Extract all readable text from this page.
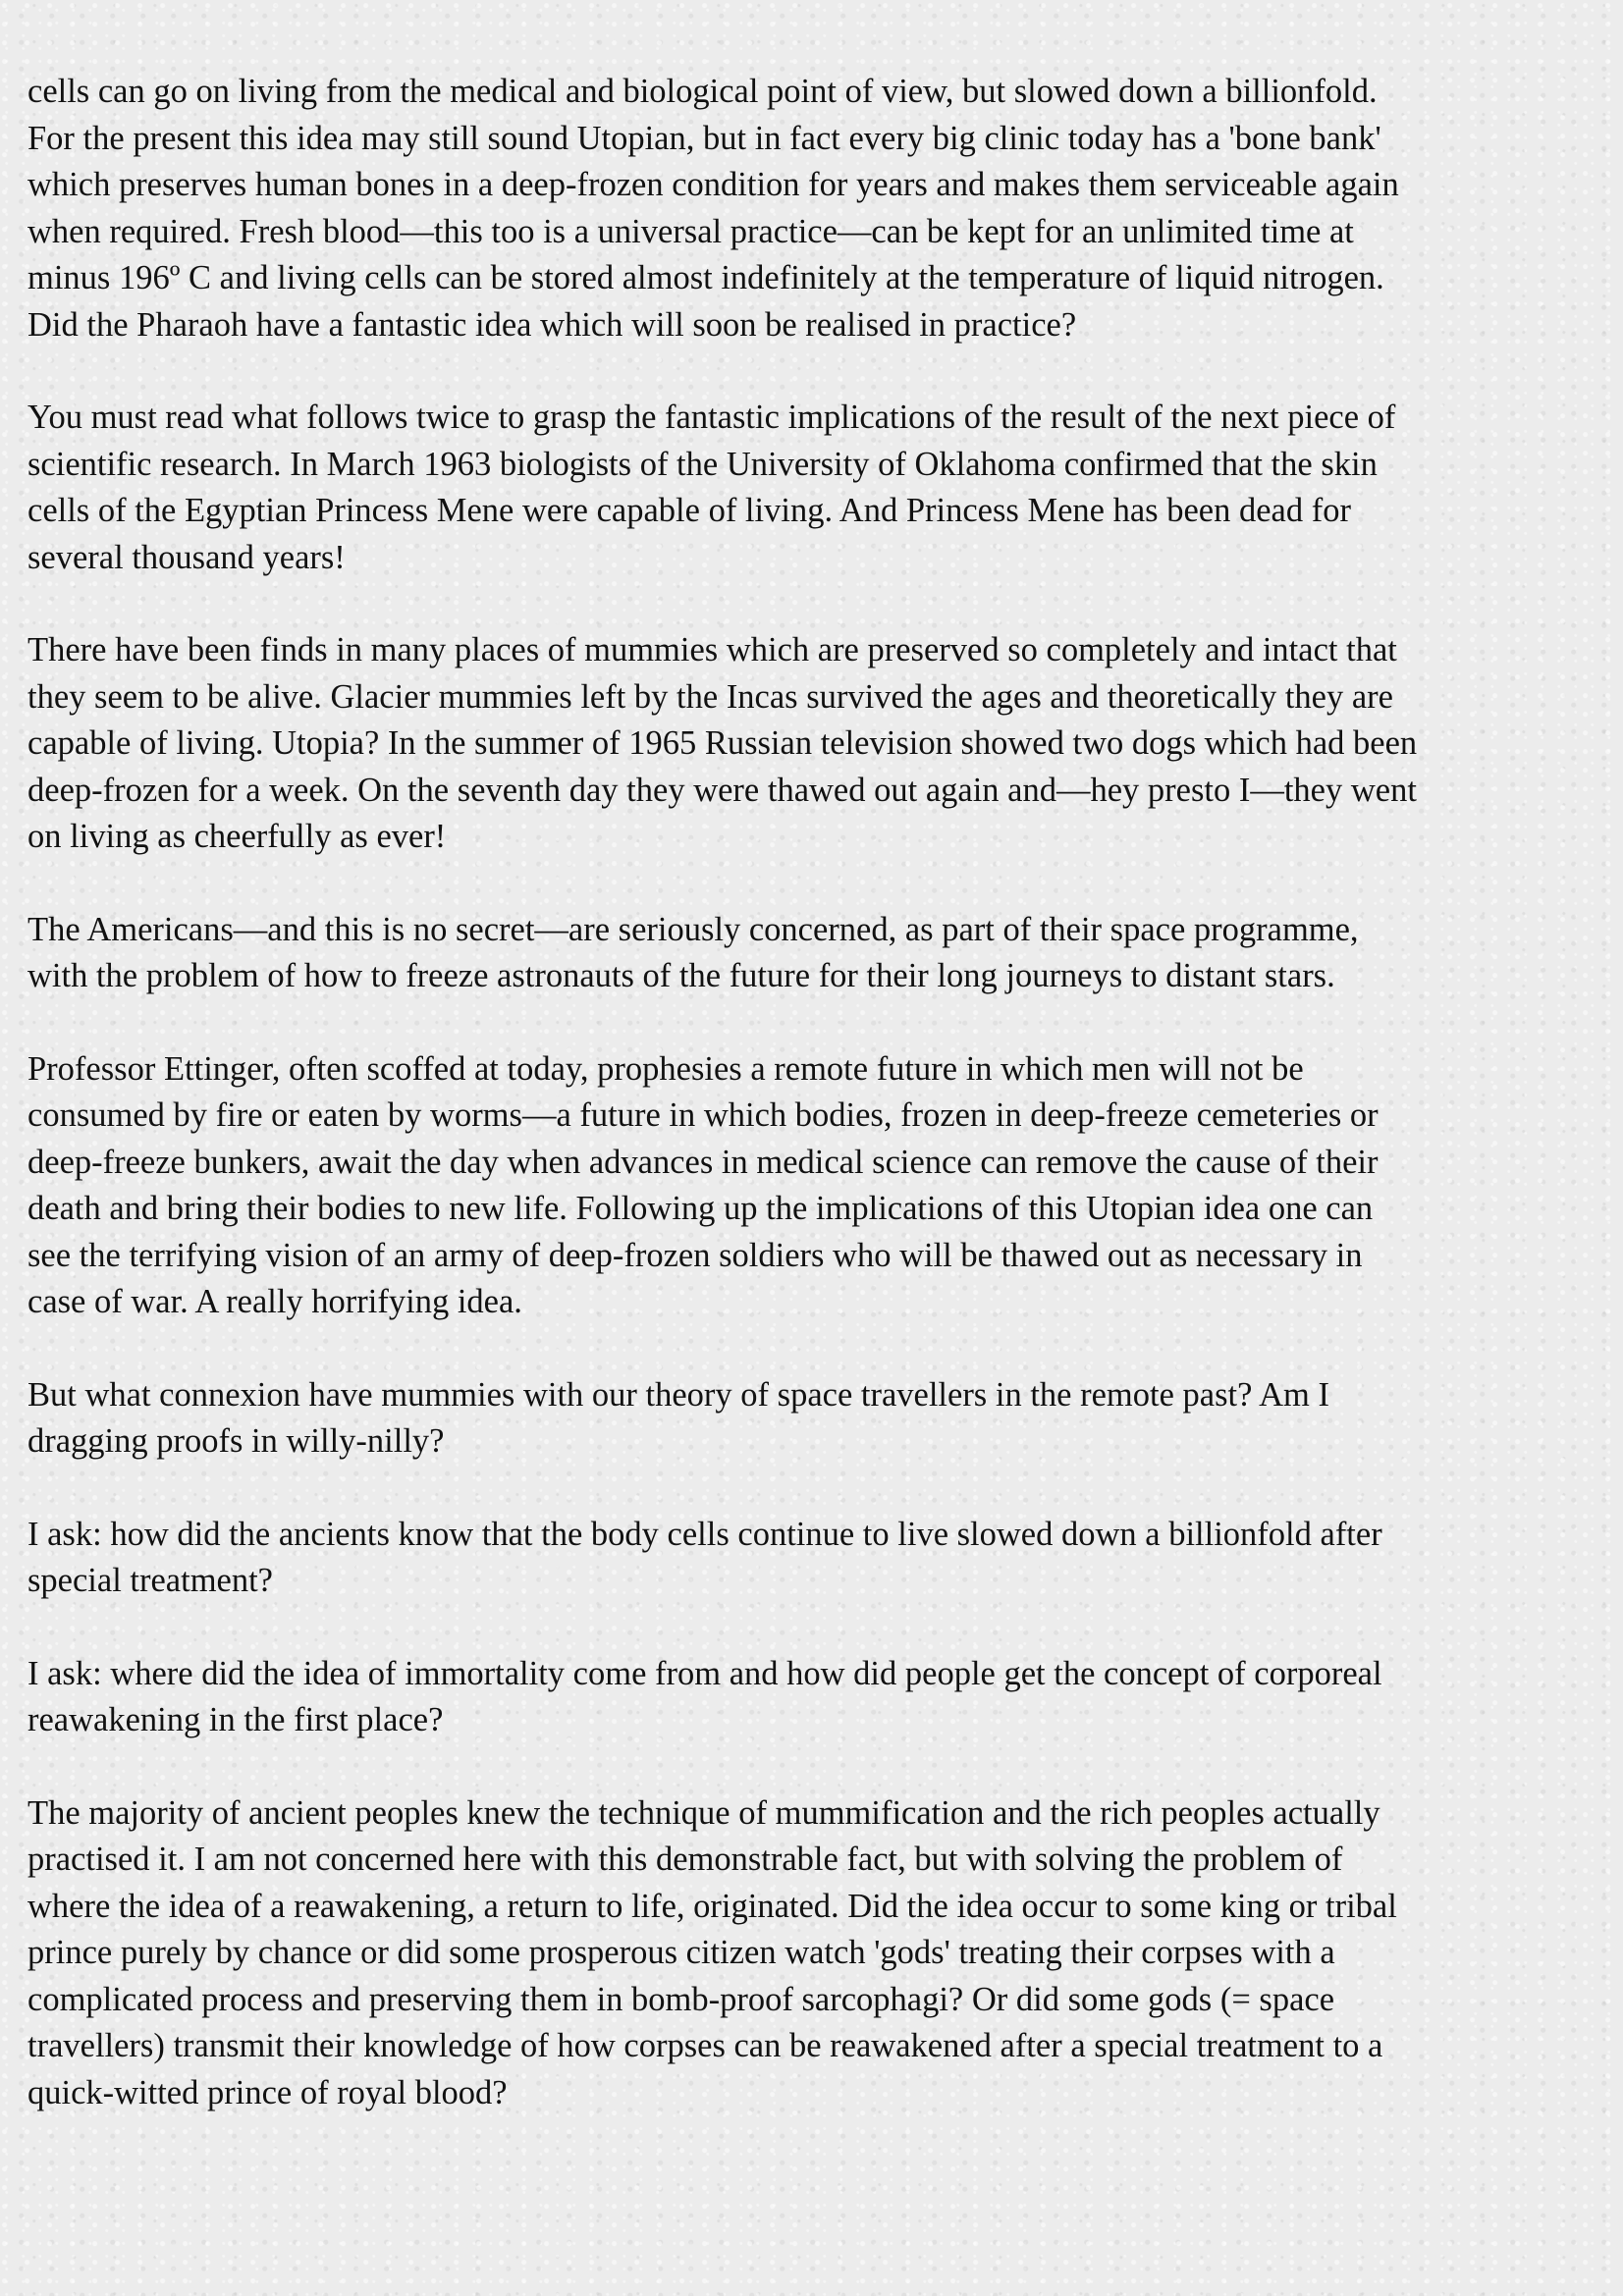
cells can go on living from the medical and biological point of view, but slowed down a billionfold.
For the present this idea may still sound Utopian, but in fact every big clinic today has a 'bone bank'
which preserves human bones in a deep-frozen condition for years and makes them serviceable again
when required. Fresh blood—this too is a universal practice—can be kept for an unlimited time at
minus 196º C and living cells can be stored almost indefinitely at the temperature of liquid nitrogen.
Did the Pharaoh have a fantastic idea which will soon be realised in practice?

You must read what follows twice to grasp the fantastic implications of the result of the next piece of
scientific research. In March 1963 biologists of the University of Oklahoma confirmed that the skin
cells of the Egyptian Princess Mene were capable of living. And Princess Mene has been dead for
several thousand years!

There have been finds in many places of mummies which are preserved so completely and intact that
they seem to be alive. Glacier mummies left by the Incas survived the ages and theoretically they are
capable of living. Utopia? In the summer of 1965 Russian television showed two dogs which had been
deep-frozen for a week. On the seventh day they were thawed out again and—hey presto I—they went
on living as cheerfully as ever!

The Americans—and this is no secret—are seriously concerned, as part of their space programme,
with the problem of how to freeze astronauts of the future for their long journeys to distant stars.

Professor Ettinger, often scoffed at today, prophesies a remote future in which men will not be
consumed by fire or eaten by worms—a future in which bodies, frozen in deep-freeze cemeteries or
deep-freeze bunkers, await the day when advances in medical science can remove the cause of their
death and bring their bodies to new life. Following up the implications of this Utopian idea one can
see the terrifying vision of an army of deep-frozen soldiers who will be thawed out as necessary in
case of war. A really horrifying idea.

But what connexion have mummies with our theory of space travellers in the remote past? Am I
dragging proofs in willy-nilly?

I ask: how did the ancients know that the body cells continue to live slowed down a billionfold after
special treatment?

I ask: where did the idea of immortality come from and how did people get the concept of corporeal
reawakening in the first place?

The majority of ancient peoples knew the technique of mummification and the rich peoples actually
practised it. I am not concerned here with this demonstrable fact, but with solving the problem of
where the idea of a reawakening, a return to life, originated. Did the idea occur to some king or tribal
prince purely by chance or did some prosperous citizen watch 'gods' treating their corpses with a
complicated process and preserving them in bomb-proof sarcophagi? Or did some gods (= space
travellers) transmit their knowledge of how corpses can be reawakened after a special treatment to a
quick-witted prince of royal blood?
